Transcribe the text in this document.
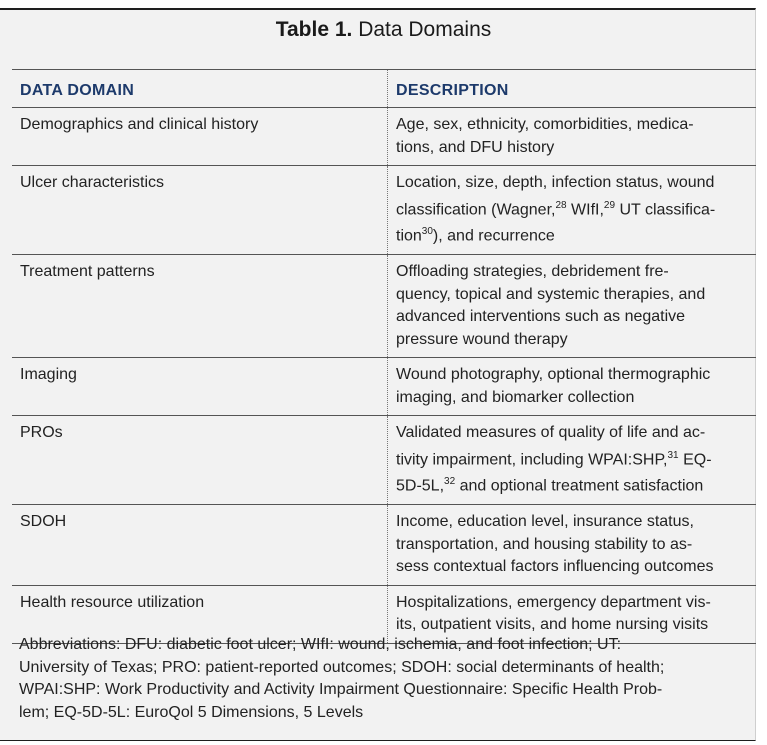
Table 1. Data Domains
DATA DOMAIN	DESCRIPTION
Demographics and clinical history	Age, sex, ethnicity, comorbidities, medica-
tions, and DFU history

Ulcer characteristics	Location, size, depth, infection status, wound
classification (Wagner,$^{28}$ WIfI,$^{29}$ UT classifica-
tion$^{30}$), and recurrence

Treatment patterns	Offloading strategies, debridement fre-
quency, topical and systemic therapies, and
advanced interventions such as negative
pressure wound therapy

Imaging	Wound photography, optional thermographic
imaging, and biomarker collection

PROs	Validated measures of quality of life and ac-
tivity impairment, including WPAI:SHP,$^{31}$ EQ-
5D-5L,$^{32}$ and optional treatment satisfaction

SDOH	Income, education level, insurance status,
transportation, and housing stability to as-
sess contextual factors influencing outcomes

Health resource utilization	Hospitalizations, emergency department vis-
its, outpatient visits, and home nursing visits
Abbreviations: DFU: diabetic foot ulcer; WIfI: wound, ischemia, and foot infection; UT:
University of Texas; PRO: patient-reported outcomes; SDOH: social determinants of health;
WPAI:SHP: Work Productivity and Activity Impairment Questionnaire: Specific Health Prob-
lem; EQ-5D-5L: EuroQol 5 Dimensions, 5 Levels
